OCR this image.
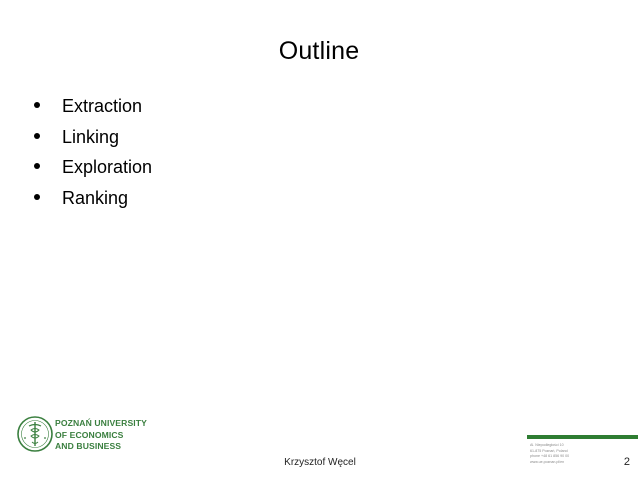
Outline
Extraction
Linking
Exploration
Ranking
POZNAŃ UNIVERSITY
OF ECONOMICS
AND BUSINESS
Krzysztof Węcel
Al. Niepodległości 10
61-875 Poznań, Poland
phone +48 61 856 90 00
www.ue.poznan.pl/en	2
